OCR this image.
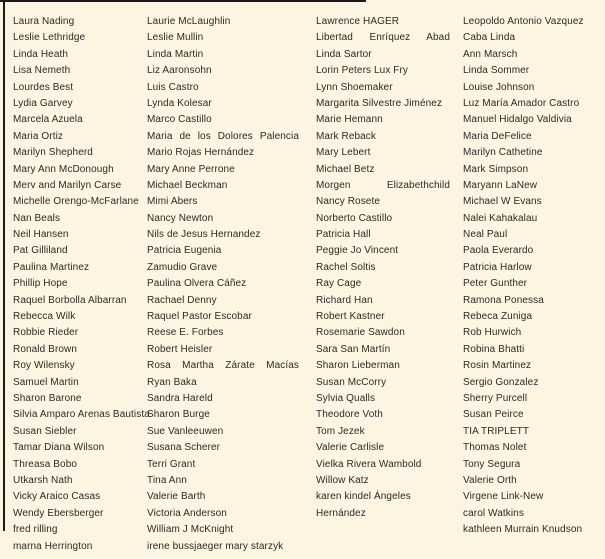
Laura Nading
Leslie Lethridge
Linda Heath
Lisa Nemeth
Lourdes Best
Lydia Garvey
Marcela Azuela
Maria Ortiz
Marilyn Shepherd
Mary Ann McDonough
Merv and Marilyn Carse
Michelle Orengo-McFarlane
Nan Beals
Neil Hansen
Pat Gilliland
Paulina Martinez
Phillip Hope
Raquel Borbolla Albarran
Rebecca Wilk
Robbie Rieder
Ronald Brown
Roy Wilensky
Samuel Martin
Sharon Barone
Silvia Amparo Arenas Bautista
Susan Siebler
Tamar Diana Wilson
Threasa Bobo
Utkarsh Nath
Vicky Araico Casas
Wendy Ebersberger
fred rilling
marna Herrington
Laurie McLaughlin
Leslie Mullin
Linda Martin
Liz Aaronsohn
Luis Castro
Lynda Kolesar
Marco Castillo
Maria de los Dolores Palencia
Mario Rojas Hernández
Mary Anne Perrone
Michael Beckman
Mimi Abers
Nancy Newton
Nils de Jesus Hernandez
Patricia Eugenia
Zamudio Grave
Paulina Olvera Cáñez
Rachael Denny
Raquel Pastor Escobar
Reese E. Forbes
Robert Heisler
Rosa Martha Zárate Macías
Ryan Baka
Sandra Hareld
Sharon Burge
Sue Vanleeuwen
Susana Scherer
Terri Grant
Tina Ann
Valerie Barth
Victoria Anderson
William J McKnight
irene bussjaeger mary starzyk
Lawrence HAGER
Libertad Enríquez Abad
Linda Sartor
Lorin Peters Lux Fry
Lynn Shoemaker
Margarita Silvestre Jiménez
Marie Hemann
Mark Reback
Mary Lebert
Michael Betz
Morgen Elizabethchild
Nancy Rosete
Norberto Castillo
Patricia Hall
Peggie Jo Vincent
Rachel Soltis
Ray Cage
Richard Han
Robert Kastner
Rosemarie Sawdon
Sara San Martín
Sharon Lieberman
Susan McCorry
Sylvia Qualls
Theodore Voth
Tom Jezek
Valerie Carlisle
Vielka Rivera Wambold
Willow Katz
karen kindel Ángeles
Hernández
Leopoldo Antonio Vazquez
Caba Linda
Ann Marsch
Linda Sommer
Louise Johnson
Luz María Amador Castro
Manuel Hidalgo Valdivia
Maria DeFelice
Marilyn Cathetine
Mark Simpson
Maryann LaNew
Michael W Evans
Nalei Kahakalau
Neal Paul
Paola Everardo
Patricia Harlow
Peter Gunther
Ramona Ponessa
Rebeca Zuniga
Rob Hurwich
Robina Bhatti
Rosin Martinez
Sergio Gonzalez
Sherry Purcell
Susan Peirce
TIA TRIPLETT
Thomas Nolet
Tony Segura
Valerie Orth
Virgene Link-New
carol Watkins
kathleen Murrain Knudson
